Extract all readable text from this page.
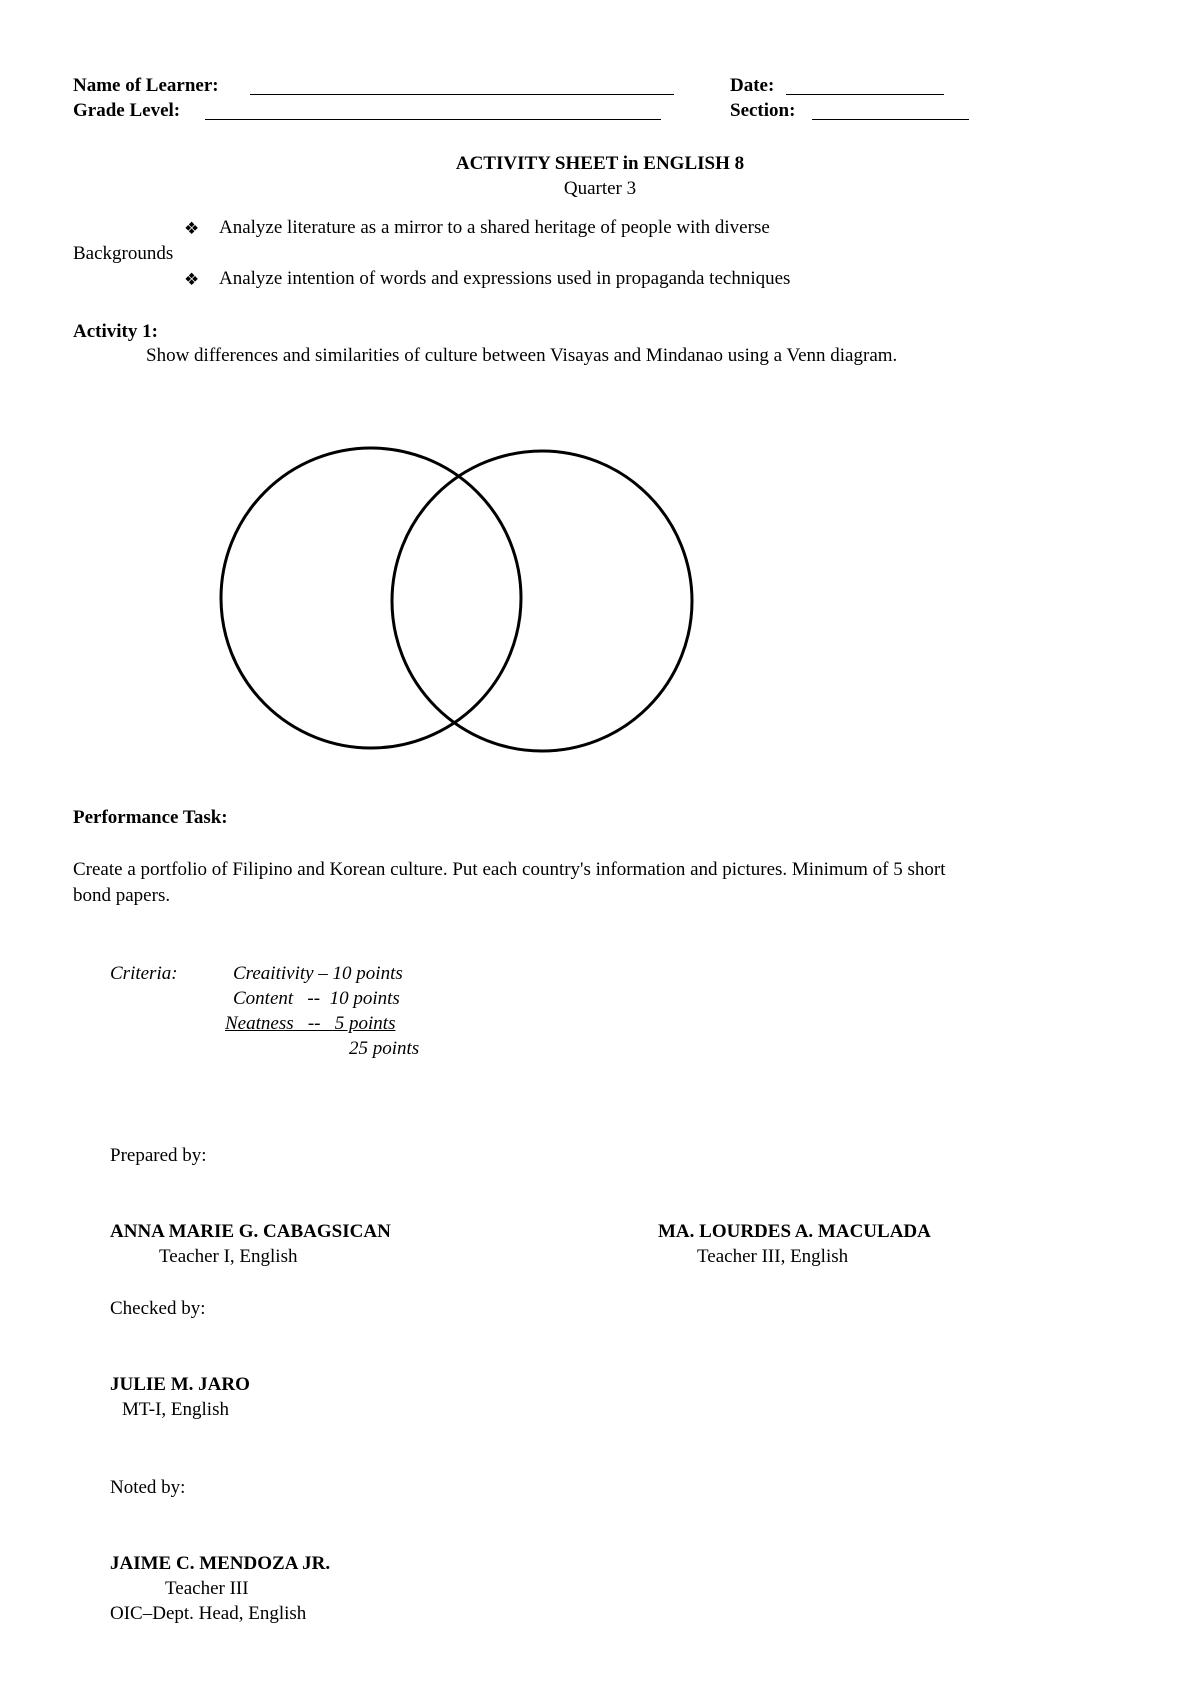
Name of Learner:	Date:
Grade Level:	Section:
ACTIVITY SHEET in ENGLISH 8
Quarter 3
❖ Analyze literature as a mirror to a shared heritage of people with diverse
Backgrounds
❖ Analyze intention of words and expressions used in propaganda techniques
Activity 1:
Show differences and similarities of culture between Visayas and Mindanao using a Venn diagram.
Performance Task:
Create a portfolio of Filipino and Korean culture. Put each country's information and pictures. Minimum of 5 short
bond papers.
Criteria:	Creaitivity – 10 points
Content   --  10 points
Neatness   --   5 points
25 points
Prepared by:
ANNA MARIE G. CABAGSICAN
Teacher I, English
MA. LOURDES A. MACULADA
Teacher III, English
Checked by:
JULIE M. JARO
MT-I, English
Noted by:
JAIME C. MENDOZA JR.
Teacher III
OIC–Dept. Head, English
